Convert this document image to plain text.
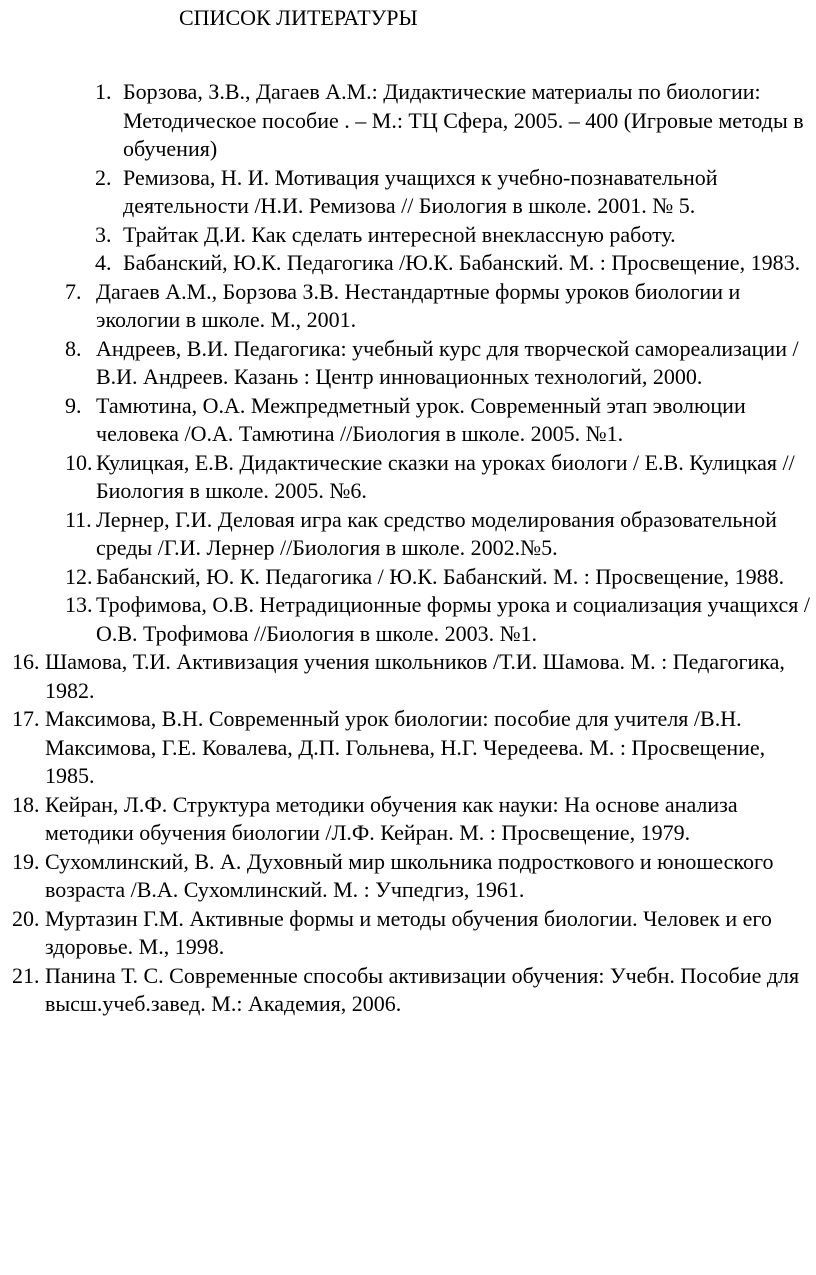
СПИСОК ЛИТЕРАТУРЫ
1. Борзова, З.В., Дагаев А.М.: Дидактические материалы по биологии: Методическое пособие . – М.: ТЦ Сфера, 2005. – 400 (Игровые методы в обучения)
2. Ремизова, Н. И. Мотивация учащихся к учебно-познавательной деятельности /Н.И. Ремизова // Биология в школе. 2001. № 5.
3. Трайтак Д.И. Как сделать интересной внеклассную работу.
4. Бабанский, Ю.К. Педагогика /Ю.К. Бабанский. М. : Просвещение, 1983.
7. Дагаев А.М., Борзова З.В. Нестандартные формы уроков биологии и экологии в школе. М., 2001.
8. Андреев, В.И. Педагогика: учебный курс для творческой самореализации /В.И. Андреев. Казань : Центр инновационных технологий, 2000.
9. Тамютина, О.А. Межпредметный урок. Современный этап эволюции человека /О.А. Тамютина //Биология в школе. 2005. №1.
10. Кулицкая, Е.В. Дидактические сказки на уроках биологи / Е.В. Кулицкая //Биология в школе. 2005. №6.
11. Лернер, Г.И. Деловая игра как средство моделирования образовательной среды /Г.И. Лернер //Биология в школе. 2002.№5.
12. Бабанский, Ю. К. Педагогика / Ю.К. Бабанский. М. : Просвещение, 1988.
13. Трофимова, О.В. Нетрадиционные формы урока и социализация учащихся / О.В. Трофимова //Биология в школе. 2003. №1.
16. Шамова, Т.И. Активизация учения школьников /Т.И. Шамова. М. : Педагогика, 1982.
17. Максимова, В.Н. Современный урок биологии: пособие для учителя /В.Н. Максимова, Г.Е. Ковалева, Д.П. Гольнева, Н.Г. Чередеева. М. : Просвещение, 1985.
18. Кейран, Л.Ф. Структура методики обучения как науки: На основе анализа методики обучения биологии /Л.Ф. Кейран. М. : Просвещение, 1979.
19. Сухомлинский, В. А. Духовный мир школьника подросткового и юношеского возраста /В.А. Сухомлинский. М. : Учпедгиз, 1961.
20. Муртазин Г.М. Активные формы и методы обучения биологии. Человек и его здоровье. М., 1998.
21. Панина Т. С. Современные способы активизации обучения: Учебн. Пособие для высш.учеб.завед. М.: Академия, 2006.
